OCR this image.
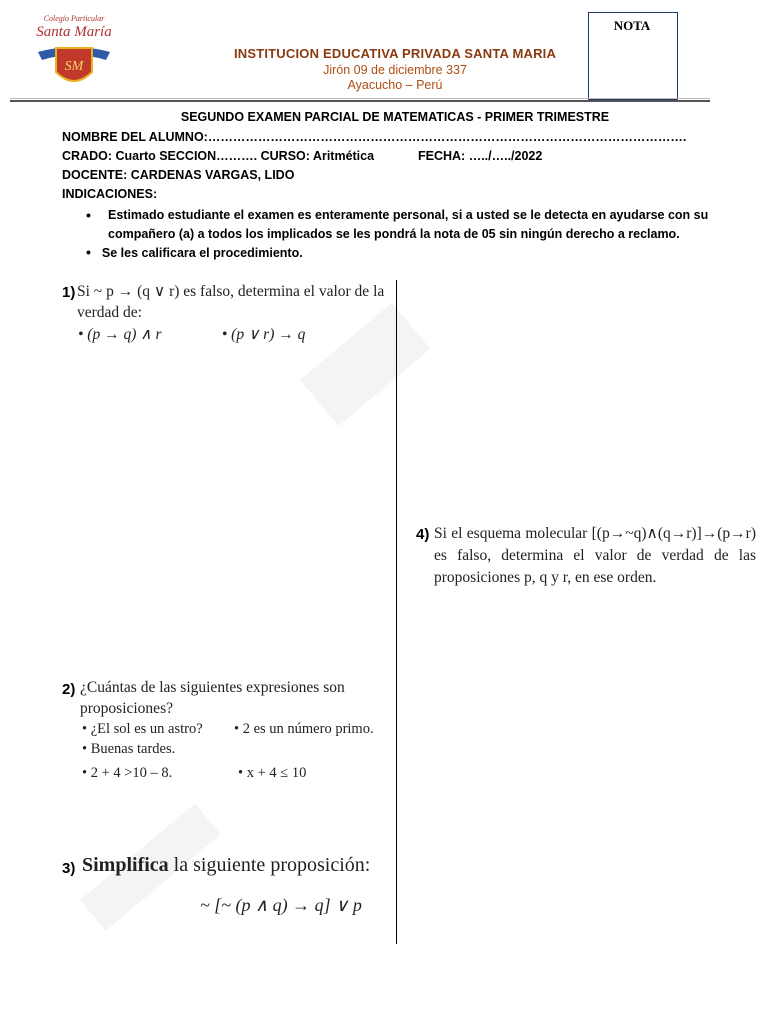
Colegio Particular
Santa María
SM
INSTITUCION EDUCATIVA PRIVADA SANTA MARIA
Jirón 09 de diciembre 337
Ayacucho – Perú
NOTA
SEGUNDO EXAMEN PARCIAL DE MATEMATICAS - PRIMER TRIMESTRE
NOMBRE DEL ALUMNO:…………………………………………………………………………………………………….
CRADO: Cuarto SECCION………. CURSO: Aritmética	FECHA: …../…../2022
DOCENTE: CARDENAS VARGAS, LIDO
INDICACIONES:
• Estimado estudiante el examen es enteramente personal, si a usted se le detecta en ayudarse con su compañero (a) a todos los implicados se les pondrá la nota de 05 sin ningún derecho a reclamo.
• Se les calificara el procedimiento.
1) Si ~ p → (q ∨ r) es falso, determina el valor de la verdad de:
• (p → q) ∧ r	• (p ∨ r) → q
4) Si el esquema molecular [(p→~q)∧(q→r)]→(p→r) es falso, determina el valor de verdad de las proposiciones p, q y r, en ese orden.
2) ¿Cuántas de las siguientes expresiones son proposiciones?
• ¿El sol es un astro? • 2 es un número primo.
• Buenas tardes.
• 2 + 4 >10 – 8.	• x + 4 ≤ 10
3) Simplifica la siguiente proposición:
~ [~ (p ∧ q) → q] ∨ p
